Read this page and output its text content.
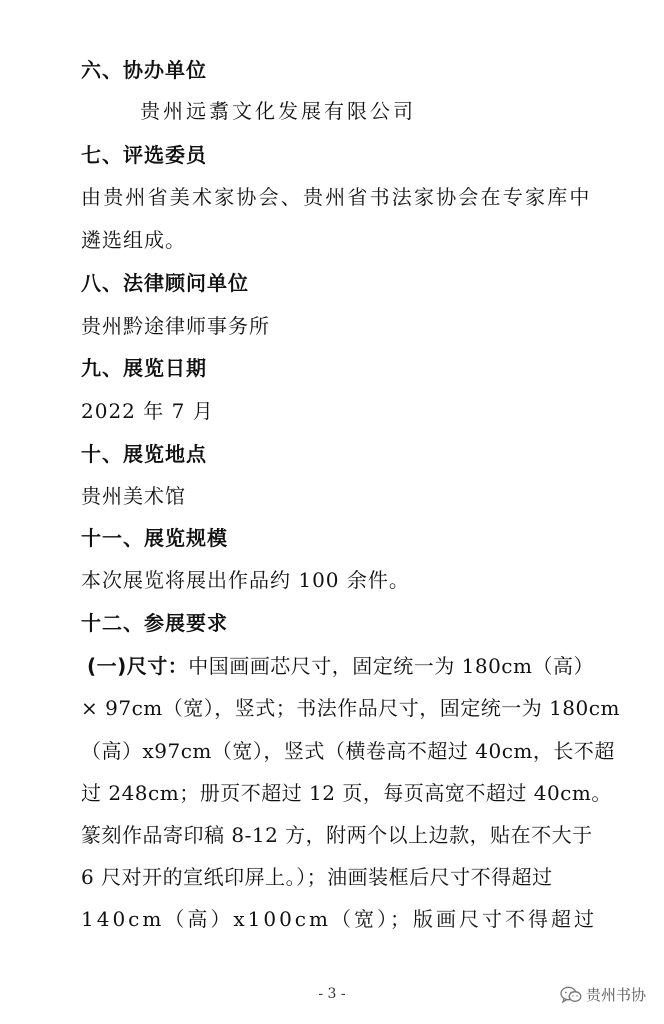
六、协办单位
贵州远翥文化发展有限公司
七、评选委员
由贵州省美术家协会、贵州省书法家协会在专家库中
遴选组成。
八、法律顾问单位
贵州黔途律师事务所
九、展览日期
2022 年 7 月
十、展览地点
贵州美术馆
十一、展览规模
本次展览将展出作品约 100 余件。
十二、参展要求
(一)尺寸：中国画画芯尺寸，固定统一为 180cm（高）
× 97cm（宽），竖式；书法作品尺寸，固定统一为 180cm
（高）x97cm（宽），竖式（横卷高不超过 40cm，长不超
过 248cm；册页不超过 12 页，每页高宽不超过 40cm。
篆刻作品寄印稿 8-12 方，附两个以上边款，贴在不大于
6 尺对开的宣纸印屏上。）；油画装框后尺寸不得超过
140cm（高）x100cm（宽）；版画尺寸不得超过
- 3 -	贵州书协
